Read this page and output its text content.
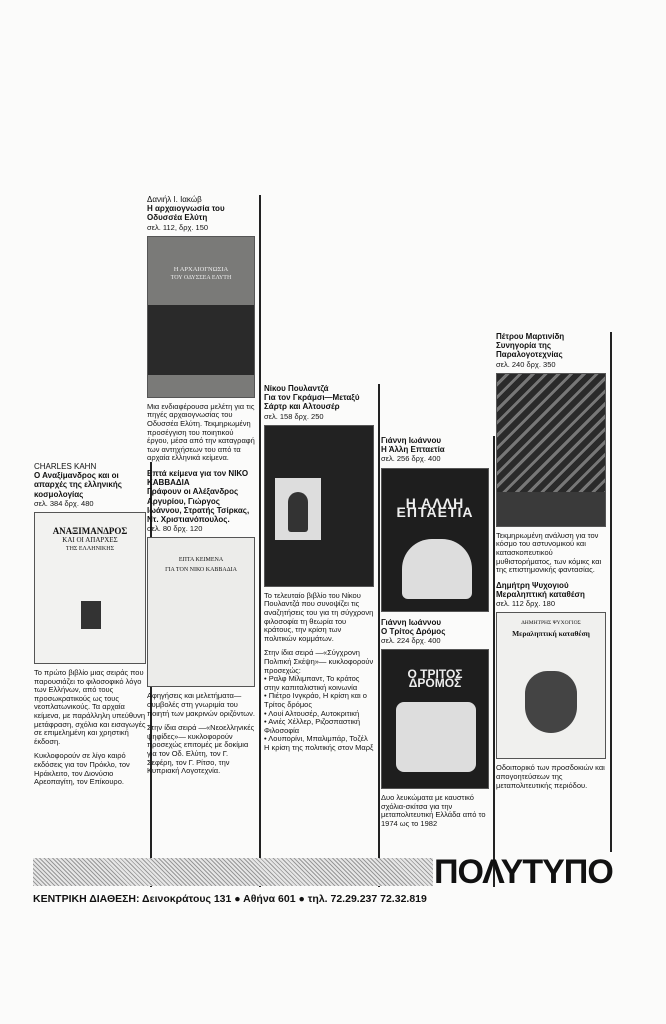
CHARLES KAHN
Ο Αναξίμανδρος και οι απαρχές της ελληνικής κοσμολογίας
σελ. 384 δρχ. 480
ΑΝΑΞΙΜΑΝΔΡΟΣ
ΚΑΙ ΟΙ ΑΠΑΡΧΕΣ
ΤΗΣ ΕΛΛΗΝΙΚΗΣ

Το πρώτο βιβλίο μιας σειράς που παρουσιάζει το φιλοσοφικό λόγο των Ελλήνων, από τους προσωκρατικούς ως τους νεοπλατωνικούς. Τα αρχαία κείμενα, με παράλληλη υπεύθυνη μετάφραση, σχόλια και εισαγωγές σε επιμελημένη και χρηστική έκδοση.

Κυκλοφορούν σε λίγο καιρό εκδόσεις για τον Πρόκλο, τον Ηράκλειτο, τον Διονύσιο Αρεοπαγίτη, τον Επίκουρο.

Δανιήλ Ι. Ιακώβ
Η αρχαιογνωσία του Οδυσσέα Ελύτη
σελ. 112, δρχ. 150
Η ΑΡΧΑΙΟΓΝΩΣΙΑ
ΤΟΥ ΟΔΥΣΣΕΑ ΕΛΥΤΗ

Μια ενδιαφέρουσα μελέτη για τις πηγές αρχαιογνωσίας του Οδυσσέα Ελύτη. Τεκμηριωμένη προσέγγιση του ποιητικού έργου, μέσα από την καταγραφή των αντηχήσεων του από τα αρχαία ελληνικά κείμενα.

Επτά κείμενα για τον ΝΙΚΟ ΚΑΒΒΑΔΙΑ
Γράφουν οι Αλέξανδρος Αργυρίου, Γιώργος Ιωάννου, Στρατής Τσίρκας, Ντ. Χριστιανόπουλος.
σελ. 80 δρχ. 120
ΕΠΤΑ ΚΕΙΜΕΝΑ
ΓΙΑ ΤΟΝ ΝΙΚΟ ΚΑΒΒΑΔΙΑ

Αφηγήσεις και μελετήματα—συμβολές στη γνωριμία του ποιητή των μακρινών οριζόντων.

Στην ίδια σειρά —«Νεοελληνικές ψηφίδες»— κυκλοφορούν προσεχώς επιτομές με δοκίμια για τον Οδ. Ελύτη, τον Γ. Σεφέρη, τον Γ. Ρίτσο, την Κυπριακή Λογοτεχνία.

Νίκου Πουλαντζά
Για τον Γκράμσι—Μεταξύ Σάρτρ και Αλτουσέρ
σελ. 158 δρχ. 250

Το τελευταίο βιβλίο του Νίκου Πουλαντζά που συνοψίζει τις αναζητήσεις του για τη σύγχρονη φιλοσοφία τη θεωρία του κράτους, την κρίση των πολιτικών κομμάτων.

Στην ίδια σειρά —«Σύγχρονη Πολιτική Σκέψη»— κυκλοφορούν προσεχώς:

• Ραλφ Μίλιμπαντ, Το κράτος στην καπιταλιστική κοινωνία

• Πιέτρο Ινγκράο, Η κρίση και ο Τρίτος δρόμος

• Λουί Αλτουσέρ, Αυτοκριτική

• Ανιές Χέλλερ, Ριζοσπαστική Φιλοσοφία

• Λουπορίνι, Μπαλιμπάρ, Τοζέλ Η κρίση της πολιτικής στον Μαρξ

Γιάννη Ιωάννου
Η Άλλη Επταετία
σελ. 256 δρχ. 400
Η ΑΛΛΗ ΕΠΤΑΕΤΙΑ
Γιάννη Ιωάννου
Ο Τρίτος Δρόμος
σελ. 224 δρχ. 400
Ο ΤΡΙΤΟΣ ΔΡΟΜΟΣ

Δυο λευκώματα με καυστικό σχόλια-σκίτσα για την μεταπολιτευτική Ελλάδα από το 1974 ως το 1982

Πέτρου Μαρτινίδη
Συνηγορία της Παραλογοτεχνίας
σελ. 240 δρχ. 350

Τεκμηριωμένη ανάλυση για τον κόσμο του αστυνομικού και κατασκοπευτικού μυθιστορήματος, των κόμικς και της επιστημονικής φαντασίας.

Δημήτρη Ψυχογιού
Μεραληπτική καταθέση
σελ. 112 δρχ. 180
ΔΗΜΗΤΡΗΣ ΨΥΧΟΓΙΟΣ
Μεραληπτική καταθέση

Οδοιπορικό των προσδοκιών και απογοητεύσεων της μεταπολιτευτικής περιόδου.

ΠΟΛΥΤΥΠΟ
ΚΕΝΤΡΙΚΗ ΔΙΑΘΕΣΗ: Δεινοκράτους 131 ● Αθήνα 601 ● τηλ. 72.29.237 72.32.819
